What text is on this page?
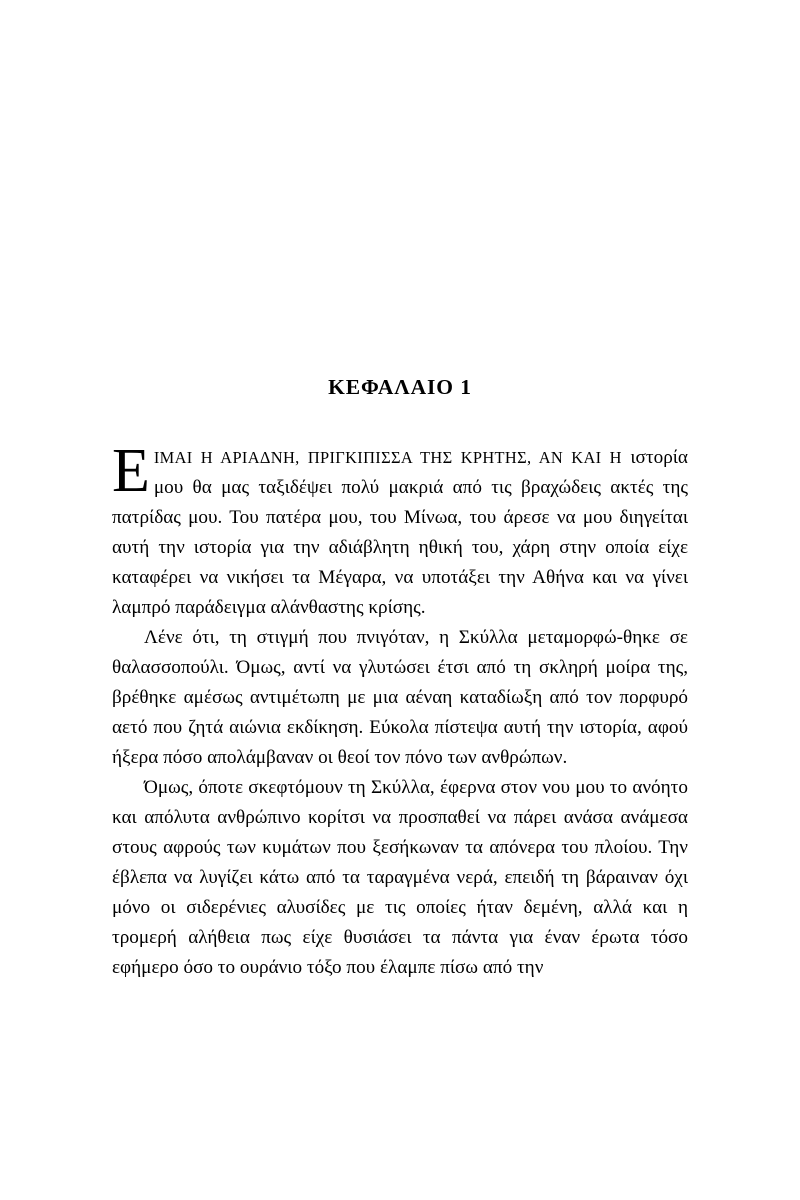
ΚΕΦΑΛΑΙΟ 1

ΕΙΜΑΙ Η ΑΡΙΑΔΝΗ, ΠΡΙΓΚΙΠΙΣΣΑ ΤΗΣ ΚΡΗΤΗΣ, ΑΝ ΚΑΙ Η ιστορία μου θα μας ταξιδέψει πολύ μακριά από τις βραχώδεις ακτές της πατρίδας μου. Του πατέρα μου, του Μίνωα, του άρεσε να μου διηγείται αυτή την ιστορία για την αδιάβλητη ηθική του, χάρη στην οποία είχε καταφέρει να νικήσει τα Μέγαρα, να υποτάξει την Αθήνα και να γίνει λαμπρό παράδειγμα αλάνθαστης κρίσης.

Λένε ότι, τη στιγμή που πνιγόταν, η Σκύλλα μεταμορφώ-θηκε σε θαλασσοπούλι. Όμως, αντί να γλυτώσει έτσι από τη σκληρή μοίρα της, βρέθηκε αμέσως αντιμέτωπη με μια αέναη καταδίωξη από τον πορφυρό αετό που ζητά αιώνια εκδίκηση. Εύκολα πίστεψα αυτή την ιστορία, αφού ήξερα πόσο απολάμβαναν οι θεοί τον πόνο των ανθρώπων.

Όμως, όποτε σκεφτόμουν τη Σκύλλα, έφερνα στον νου μου το ανόητο και απόλυτα ανθρώπινο κορίτσι να προσπαθεί να πάρει ανάσα ανάμεσα στους αφρούς των κυμάτων που ξεσήκωναν τα απόνερα του πλοίου. Την έβλεπα να λυγίζει κάτω από τα ταραγμένα νερά, επειδή τη βάραιναν όχι μόνο οι σιδερένιες αλυσίδες με τις οποίες ήταν δεμένη, αλλά και η τρομερή αλήθεια πως είχε θυσιάσει τα πάντα για έναν έρωτα τόσο εφήμερο όσο το ουράνιο τόξο που έλαμπε πίσω από την
